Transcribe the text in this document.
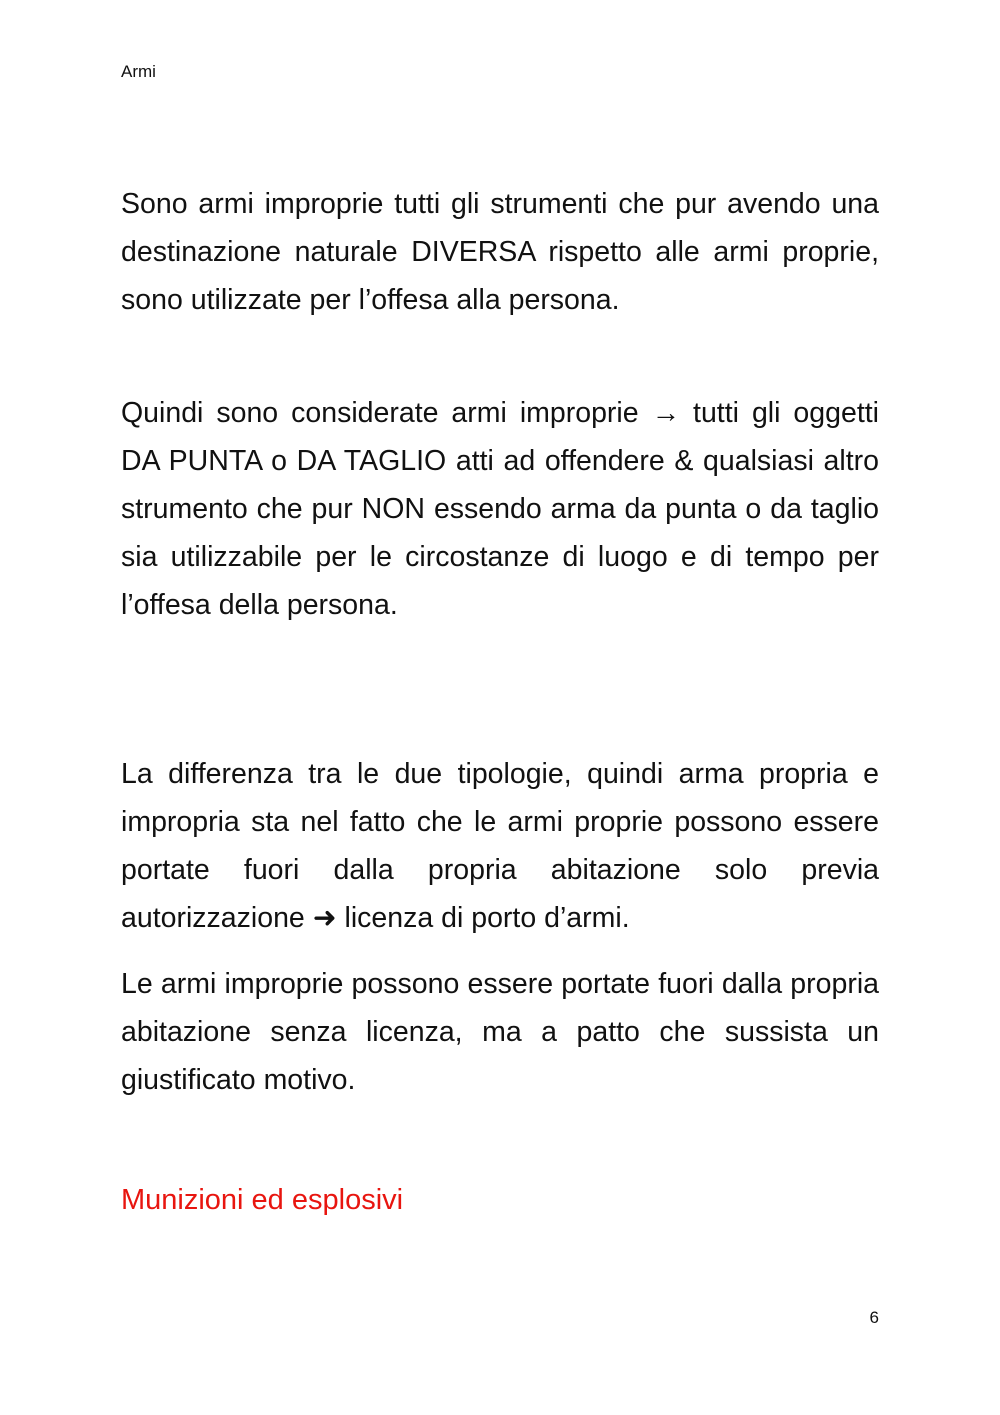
Armi

Sono armi improprie tutti gli strumenti che pur avendo una destinazione naturale DIVERSA rispetto alle armi proprie, sono utilizzate per l’offesa alla persona.

Quindi sono considerate armi improprie → tutti gli oggetti DA PUNTA o DA TAGLIO atti ad offendere & qualsiasi altro strumento che pur NON essendo arma da punta o da taglio sia utilizzabile per le circostanze di luogo e di tempo per l’offesa della persona.

La differenza tra le due tipologie, quindi arma propria e impropria sta nel fatto che le armi proprie possono essere portate fuori dalla propria abitazione solo previa autorizzazione ➜ licenza di porto d’armi.

Le armi improprie possono essere portate fuori dalla propria abitazione senza licenza, ma a patto che sussista un giustificato motivo.

Munizioni ed esplosivi
6
